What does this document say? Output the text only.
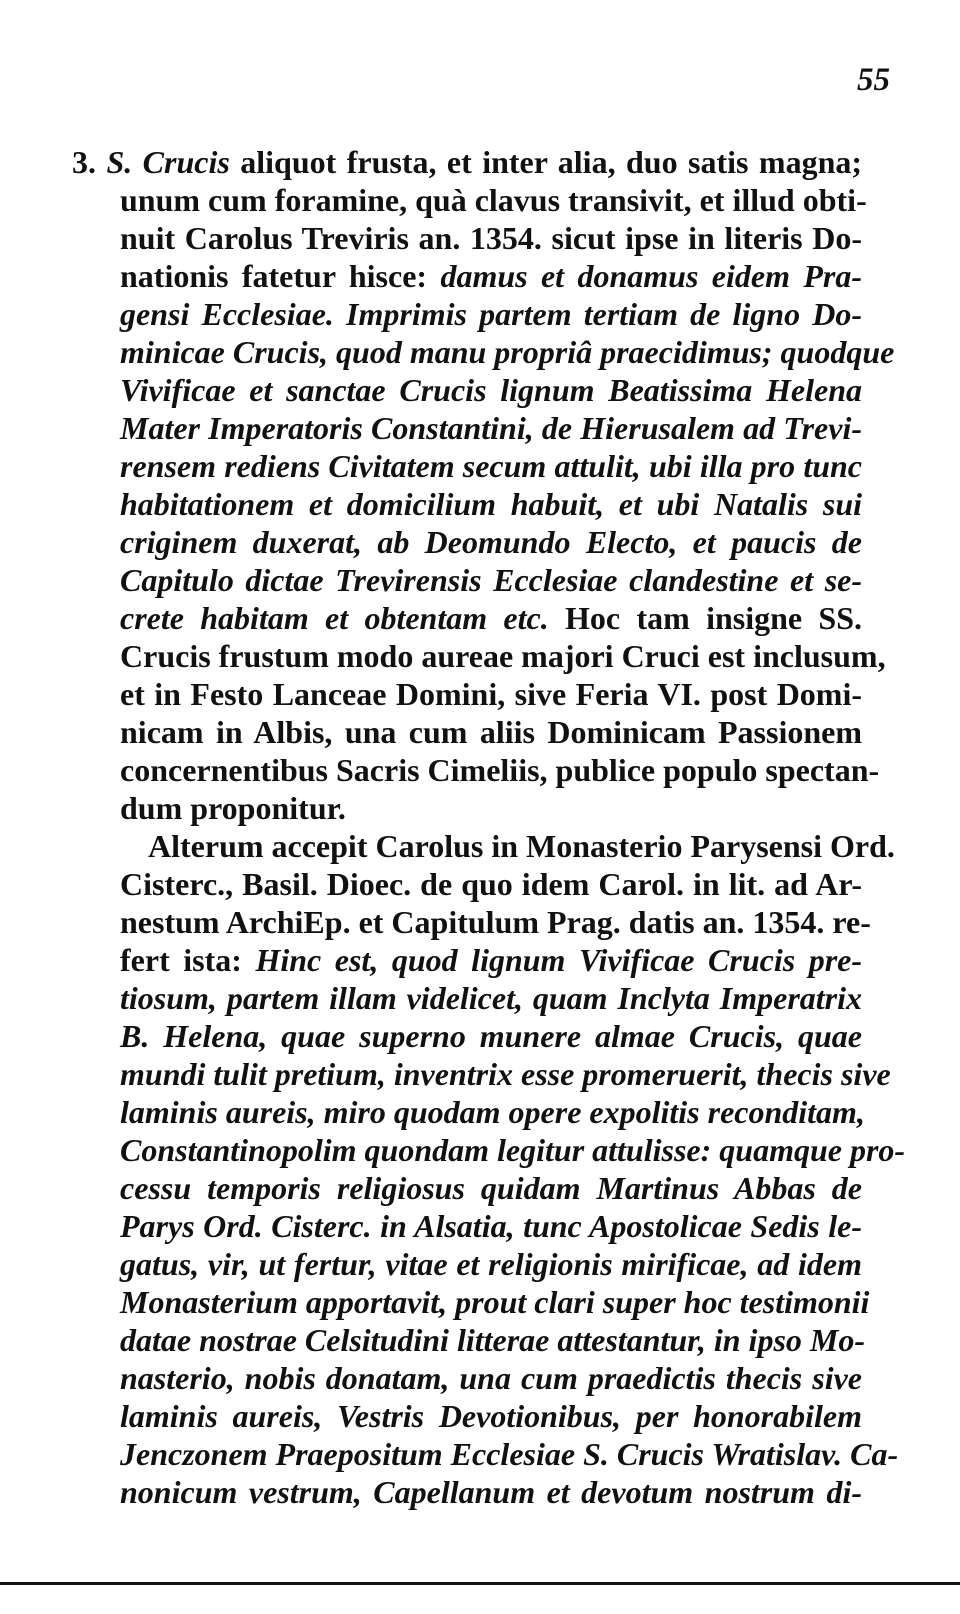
55
3. S. Crucis aliquot frusta, et inter alia, duo satis magna;
unum cum foramine, quà clavus transivit, et illud obti-
nuit Carolus Treviris an. 1354. sicut ipse in literis Do-
nationis fatetur hisce: damus et donamus eidem Pra-
gensi Ecclesiae. Imprimis partem tertiam de ligno Do-
minicae Crucis, quod manu propriâ praecidimus; quodque
Vivificae et sanctae Crucis lignum Beatissima Helena
Mater Imperatoris Constantini, de Hierusalem ad Trevi-
rensem rediens Civitatem secum attulit, ubi illa pro tunc
habitationem et domicilium habuit, et ubi Natalis sui
criginem duxerat, ab Deomundo Electo, et paucis de
Capitulo dictae Trevirensis Ecclesiae clandestine et se-
crete habitam et obtentam etc. Hoc tam insigne SS.
Crucis frustum modo aureae majori Cruci est inclusum,
et in Festo Lanceae Domini, sive Feria VI. post Domi-
nicam in Albis, una cum aliis Dominicam Passionem
concernentibus Sacris Cimeliis, publice populo spectan-
dum proponitur.
Alterum accepit Carolus in Monasterio Parysensi Ord.
Cisterc., Basil. Dioec. de quo idem Carol. in lit. ad Ar-
nestum ArchiEp. et Capitulum Prag. datis an. 1354. re-
fert ista: Hinc est, quod lignum Vivificae Crucis pre-
tiosum, partem illam videlicet, quam Inclyta Imperatrix
B. Helena, quae superno munere almae Crucis, quae
mundi tulit pretium, inventrix esse promeruerit, thecis sive
laminis aureis, miro quodam opere expolitis reconditam,
Constantinopolim quondam legitur attulisse: quamque pro-
cessu temporis religiosus quidam Martinus Abbas de
Parys Ord. Cisterc. in Alsatia, tunc Apostolicae Sedis le-
gatus, vir, ut fertur, vitae et religionis mirificae, ad idem
Monasterium apportavit, prout clari super hoc testimonii
datae nostrae Celsitudini litterae attestantur, in ipso Mo-
nasterio, nobis donatam, una cum praedictis thecis sive
laminis aureis, Vestris Devotionibus, per honorabilem
Jenczonem Praepositum Ecclesiae S. Crucis Wratislav. Ca-
nonicum vestrum, Capellanum et devotum nostrum di-
